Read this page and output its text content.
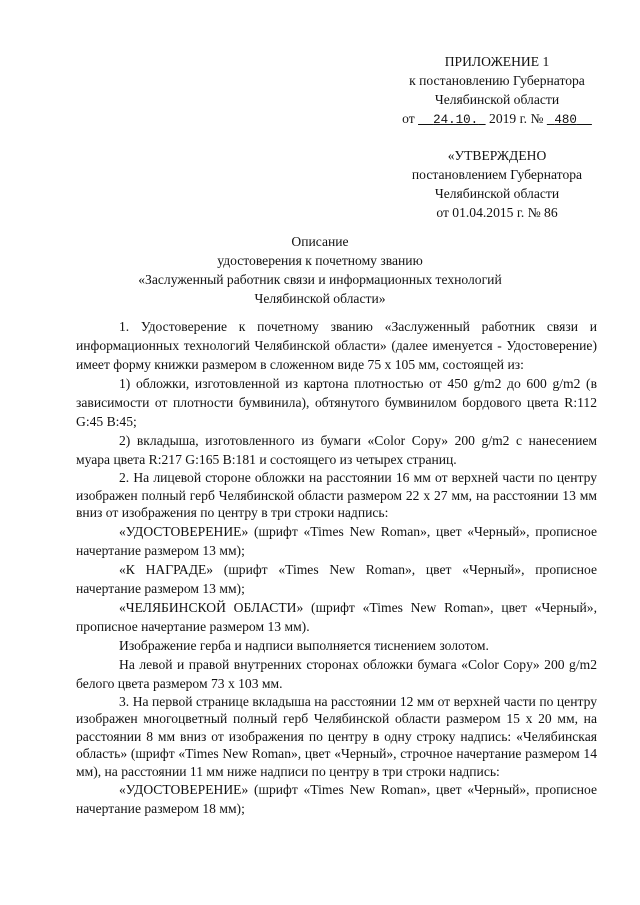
ПРИЛОЖЕНИЕ 1
к постановлению Губернатора
Челябинской области
от 24.10. 2019 г. № 480
«УТВЕРЖДЕНО
постановлением Губернатора
Челябинской области
от 01.04.2015 г. № 86
Описание
удостоверения к почетному званию
«Заслуженный работник связи и информационных технологий
Челябинской области»

1. Удостоверение к почетному званию «Заслуженный работник связи и информационных технологий Челябинской области» (далее именуется - Удостоверение) имеет форму книжки размером в сложенном виде 75 х 105 мм, состоящей из:

1) обложки, изготовленной из картона плотностью от 450 g/m2 до 600 g/m2 (в зависимости от плотности бумвинила), обтянутого бумвинилом бордового цвета R:112 G:45 B:45;

2) вкладыша, изготовленного из бумаги «Color Copy» 200 g/m2 с нанесением муара цвета R:217 G:165 B:181 и состоящего из четырех страниц.

2. На лицевой стороне обложки на расстоянии 16 мм от верхней части по центру изображен полный герб Челябинской области размером 22 х 27 мм, на расстоянии 13 мм вниз от изображения по центру в три строки надпись:

«УДОСТОВЕРЕНИЕ» (шрифт «Times New Roman», цвет «Черный», прописное начертание размером 13 мм);

«К НАГРАДЕ» (шрифт «Times New Roman», цвет «Черный», прописное начертание размером 13 мм);

«ЧЕЛЯБИНСКОЙ ОБЛАСТИ» (шрифт «Times New Roman», цвет «Черный», прописное начертание размером 13 мм).

Изображение герба и надписи выполняется тиснением золотом.

На левой и правой внутренних сторонах обложки бумага «Color Copy» 200 g/m2 белого цвета размером 73 х 103 мм.

3. На первой странице вкладыша на расстоянии 12 мм от верхней части по центру изображен многоцветный полный герб Челябинской области размером 15 х 20 мм, на расстоянии 8 мм вниз от изображения по центру в одну строку надпись: «Челябинская область» (шрифт «Times New Roman», цвет «Черный», строчное начертание размером 14 мм), на расстоянии 11 мм ниже надписи по центру в три строки надпись:

«УДОСТОВЕРЕНИЕ» (шрифт «Times New Roman», цвет «Черный», прописное начертание размером 18 мм);
